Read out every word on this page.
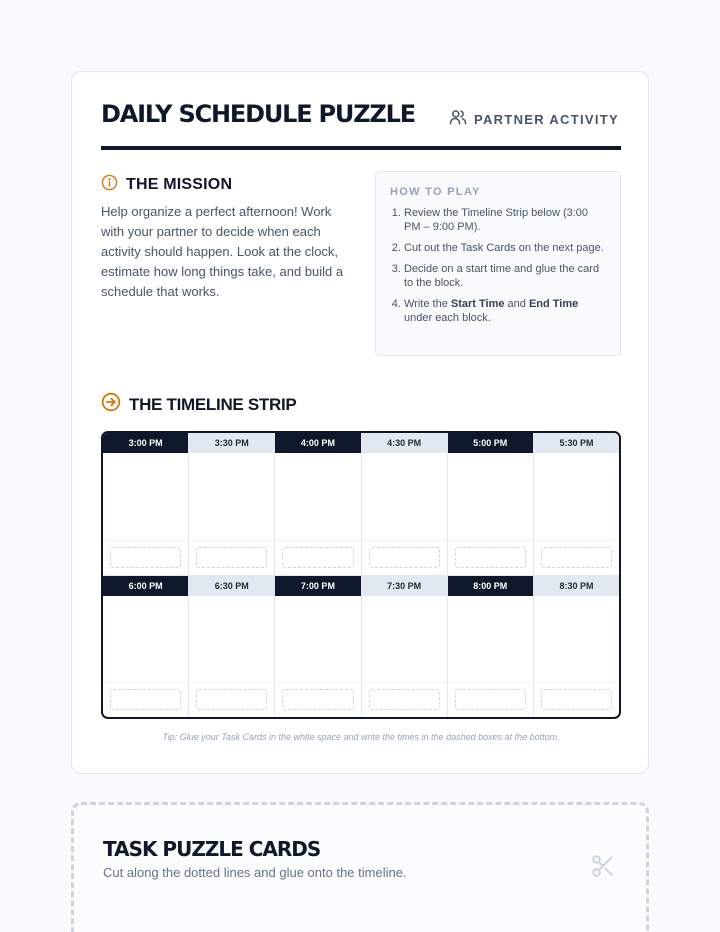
DAILY SCHEDULE PUZZLE	PARTNER ACTIVITY
THE MISSION

Help organize a perfect afternoon! Work with your partner to decide when each activity should happen. Look at the clock, estimate how long things take, and build a schedule that works.

HOW TO PLAY
1. Review the Timeline Strip below (3:00 PM – 9:00 PM).
2. Cut out the Task Cards on the next page.
3. Decide on a start time and glue the card to the block.
4. Write the Start Time and End Time under each block.
THE TIMELINE STRIP
3:00 PM	3:30 PM	4:00 PM	4:30 PM	5:00 PM	5:30 PM
6:00 PM	6:30 PM	7:00 PM	7:30 PM	8:00 PM	8:30 PM

Tip: Glue your Task Cards in the white space and write the times in the dashed boxes at the bottom.

TASK PUZZLE CARDS

Cut along the dotted lines and glue onto the timeline.
